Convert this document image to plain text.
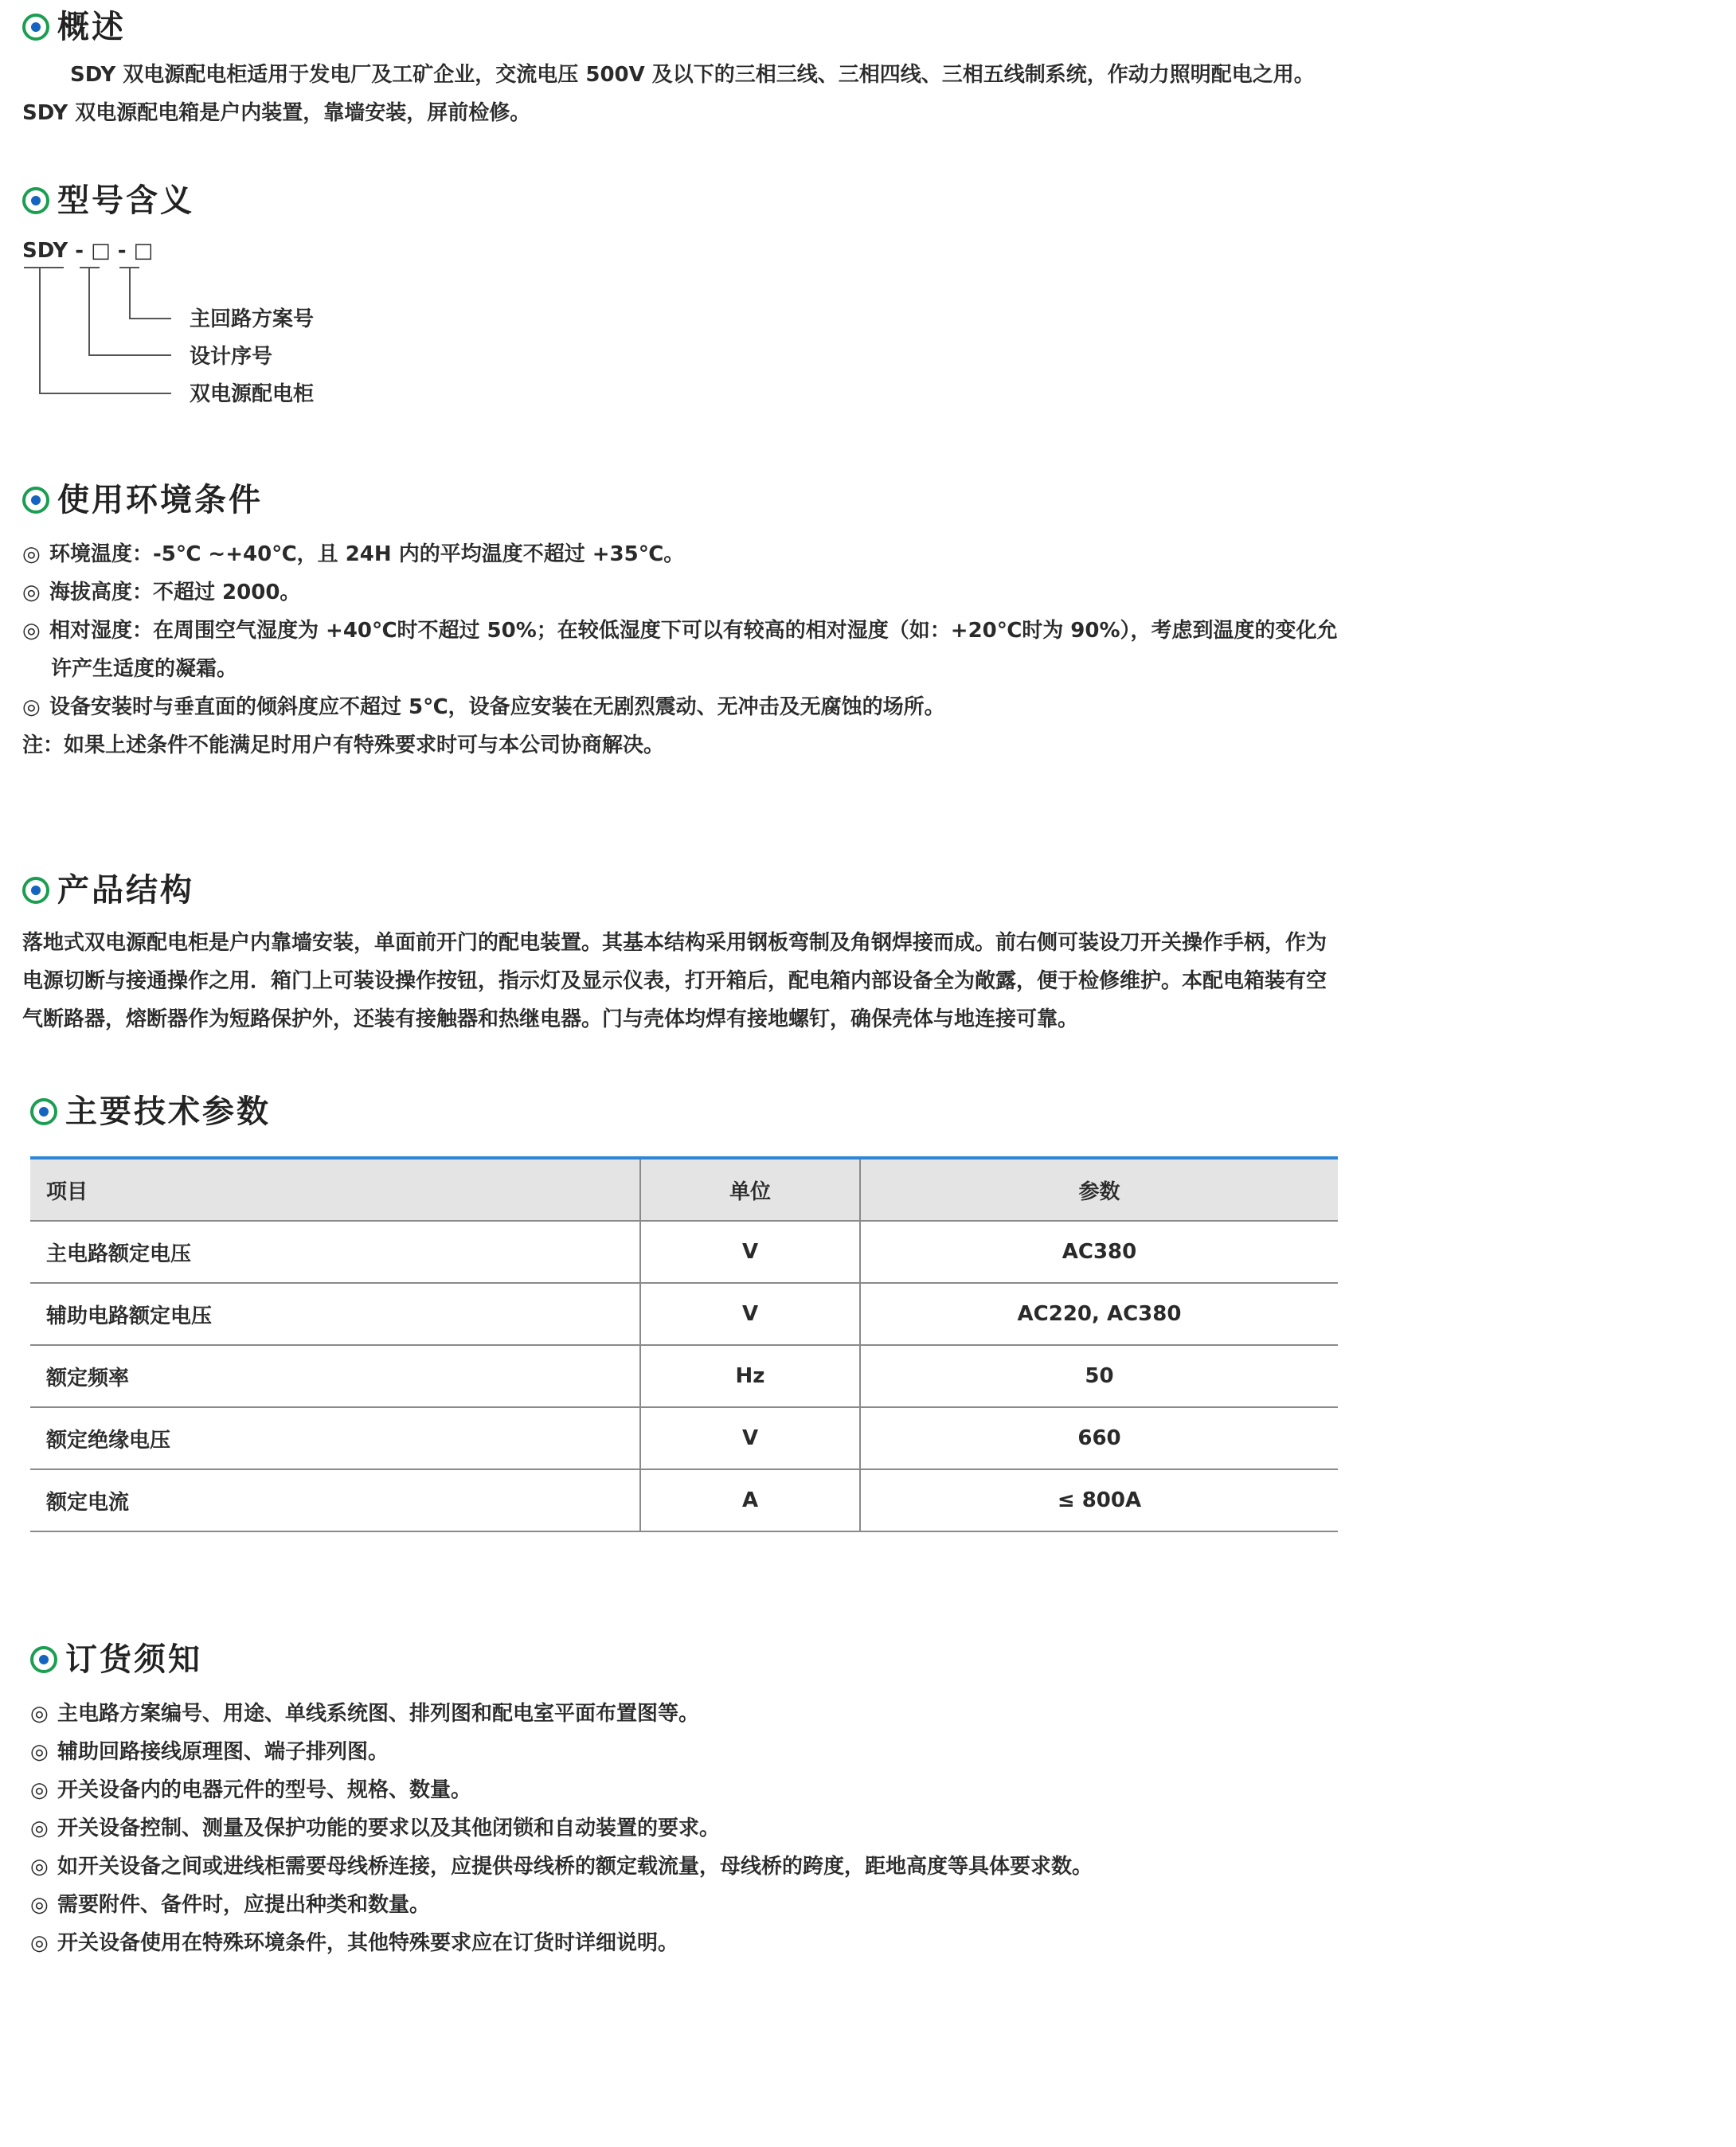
概述

SDY 双电源配电柜适用于发电厂及工矿企业，交流电压 500V 及以下的三相三线、三相四线、三相五线制系统，作动力照明配电之用。SDY 双电源配电箱是户内装置，靠墙安装，屏前检修。

型号含义
SDY - □ - □
主回路方案号
设计序号
双电源配电柜
使用环境条件
◎ 环境温度：-5℃ ~+40℃，且 24H 内的平均温度不超过 +35℃。
◎ 海拔高度：不超过 2000。
◎ 相对湿度：在周围空气湿度为 +40℃时不超过 50%；在较低湿度下可以有较高的相对湿度（如：+20℃时为 90%），考虑到温度的变化允许产生适度的凝霜。
◎ 设备安装时与垂直面的倾斜度应不超过 5℃，设备应安装在无剧烈震动、无冲击及无腐蚀的场所。

注：如果上述条件不能满足时用户有特殊要求时可与本公司协商解决。

产品结构

落地式双电源配电柜是户内靠墙安装，单面前开门的配电装置。其基本结构采用钢板弯制及角钢焊接而成。前右侧可装设刀开关操作手柄，作为电源切断与接通操作之用．箱门上可装设操作按钮，指示灯及显示仪表，打开箱后，配电箱内部设备全为敞露，便于检修维护。本配电箱装有空气断路器，熔断器作为短路保护外，还装有接触器和热继电器。门与壳体均焊有接地螺钉，确保壳体与地连接可靠。

主要技术参数
项目	单位	参数
主电路额定电压	V	AC380
辅助电路额定电压	V	AC220, AC380
额定频率	Hz	50
额定绝缘电压	V	660
额定电流	A	≤ 800A
订货须知
◎ 主电路方案编号、用途、单线系统图、排列图和配电室平面布置图等。
◎ 辅助回路接线原理图、端子排列图。
◎ 开关设备内的电器元件的型号、规格、数量。
◎ 开关设备控制、测量及保护功能的要求以及其他闭锁和自动装置的要求。
◎ 如开关设备之间或进线柜需要母线桥连接，应提供母线桥的额定载流量，母线桥的跨度，距地高度等具体要求数。
◎ 需要附件、备件时，应提出种类和数量。
◎ 开关设备使用在特殊环境条件，其他特殊要求应在订货时详细说明。
